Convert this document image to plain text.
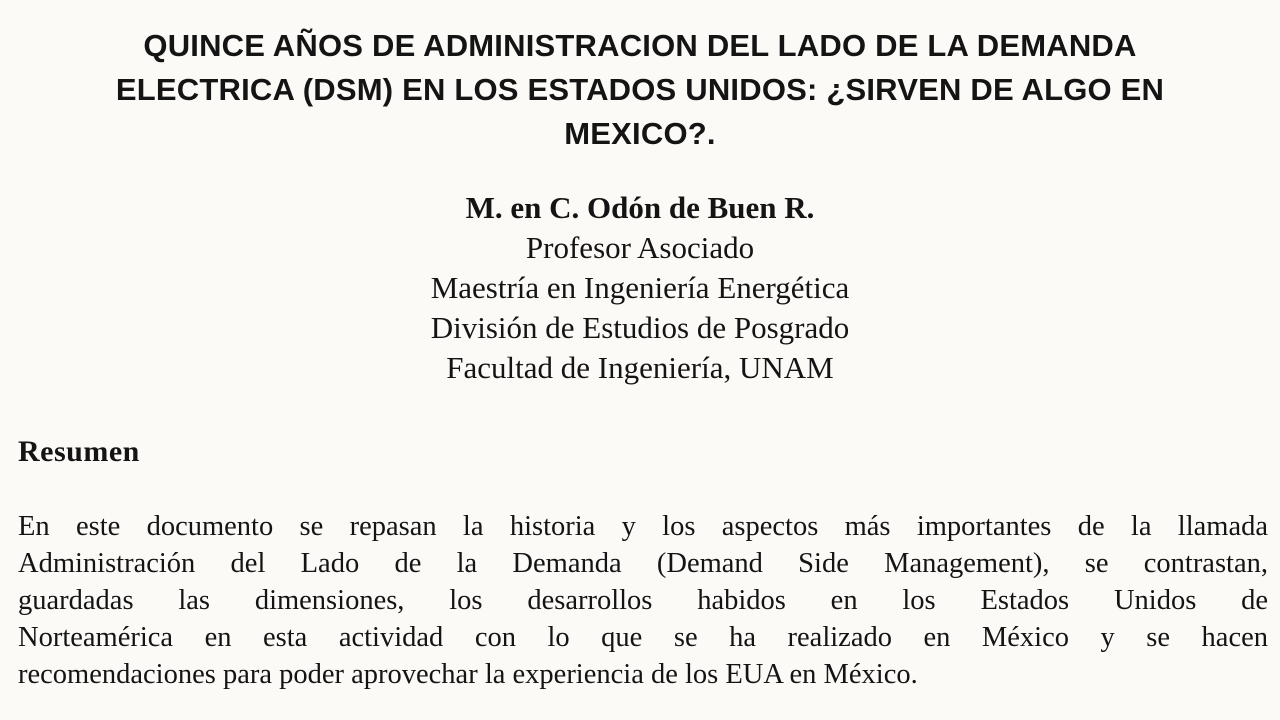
QUINCE AÑOS DE ADMINISTRACION DEL LADO DE LA DEMANDA
ELECTRICA (DSM) EN LOS ESTADOS UNIDOS: ¿SIRVEN DE ALGO EN
MEXICO?.

M. en C. Odón de Buen R.

Profesor Asociado

Maestría en Ingeniería Energética

División de Estudios de Posgrado

Facultad de Ingeniería, UNAM

Resumen

En este documento se repasan la historia y los aspectos más importantes de la llamada
Administración del Lado de la Demanda (Demand Side Management), se contrastan,
guardadas las dimensiones, los desarrollos habidos en los Estados Unidos de
Norteamérica en esta actividad con lo que se ha realizado en México y se hacen
recomendaciones para poder aprovechar la experiencia de los EUA en México.
